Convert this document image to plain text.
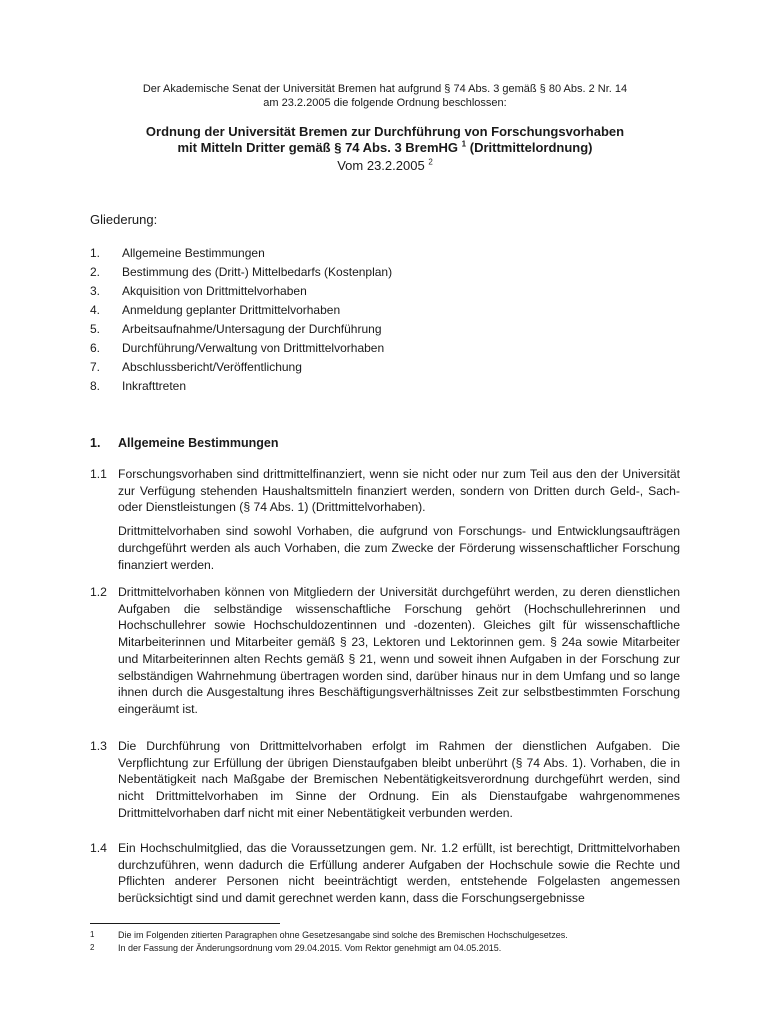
Der Akademische Senat der Universität Bremen hat aufgrund § 74 Abs. 3 gemäß § 80 Abs. 2 Nr. 14
am 23.2.2005 die folgende Ordnung beschlossen:
Ordnung der Universität Bremen zur Durchführung von Forschungsvorhaben
mit Mitteln Dritter gemäß § 74 Abs. 3 BremHG $^1$ (Drittmittelordnung)
Vom 23.2.2005 $^2$
Gliederung:
1.	Allgemeine Bestimmungen
2.	Bestimmung des (Dritt-) Mittelbedarfs (Kostenplan)
3.	Akquisition von Drittmittelvorhaben
4.	Anmeldung geplanter Drittmittelvorhaben
5.	Arbeitsaufnahme/Untersagung der Durchführung
6.	Durchführung/Verwaltung von Drittmittelvorhaben
7.	Abschlussbericht/Veröffentlichung
8.	Inkrafttreten
1.	Allgemeine Bestimmungen
1.1 Forschungsvorhaben sind drittmittelfinanziert, wenn sie nicht oder nur zum Teil aus den der Universität zur Verfügung stehenden Haushaltsmitteln finanziert werden, sondern von Dritten durch Geld-, Sach- oder Dienstleistungen (§ 74 Abs. 1) (Drittmittelvorhaben).

Drittmittelvorhaben sind sowohl Vorhaben, die aufgrund von Forschungs- und Entwicklungsaufträgen durchgeführt werden als auch Vorhaben, die zum Zwecke der Förderung wissenschaftlicher Forschung finanziert werden.

1.2 Drittmittelvorhaben können von Mitgliedern der Universität durchgeführt werden, zu deren dienstlichen Aufgaben die selbständige wissenschaftliche Forschung gehört (Hochschullehrerinnen und Hochschullehrer sowie Hochschuldozentinnen und -dozenten). Gleiches gilt für wissenschaftliche Mitarbeiterinnen und Mitarbeiter gemäß § 23, Lektoren und Lektorinnen gem. § 24a sowie Mitarbeiter und Mitarbeiterinnen alten Rechts gemäß § 21, wenn und soweit ihnen Aufgaben in der Forschung zur selbständigen Wahrnehmung übertragen worden sind, darüber hinaus nur in dem Umfang und so lange ihnen durch die Ausgestaltung ihres Beschäftigungsverhältnisses Zeit zur selbstbestimmten Forschung eingeräumt ist.

1.3 Die Durchführung von Drittmittelvorhaben erfolgt im Rahmen der dienstlichen Aufgaben. Die Verpflichtung zur Erfüllung der übrigen Dienstaufgaben bleibt unberührt (§ 74 Abs. 1). Vorhaben, die in Nebentätigkeit nach Maßgabe der Bremischen Nebentätigkeitsverordnung durchgeführt werden, sind nicht Drittmittelvorhaben im Sinne der Ordnung. Ein als Dienstaufgabe wahrgenommenes Drittmittelvorhaben darf nicht mit einer Nebentätigkeit verbunden werden.

1.4 Ein Hochschulmitglied, das die Voraussetzungen gem. Nr. 1.2 erfüllt, ist berechtigt, Drittmittelvorhaben durchzuführen, wenn dadurch die Erfüllung anderer Aufgaben der Hochschule sowie die Rechte und Pflichten anderer Personen nicht beeinträchtigt werden, entstehende Folgelasten angemessen berücksichtigt sind und damit gerechnet werden kann, dass die Forschungsergebnisse

1	Die im Folgenden zitierten Paragraphen ohne Gesetzesangabe sind solche des Bremischen Hochschulgesetzes.
2	In der Fassung der Änderungsordnung vom 29.04.2015. Vom Rektor genehmigt am 04.05.2015.
